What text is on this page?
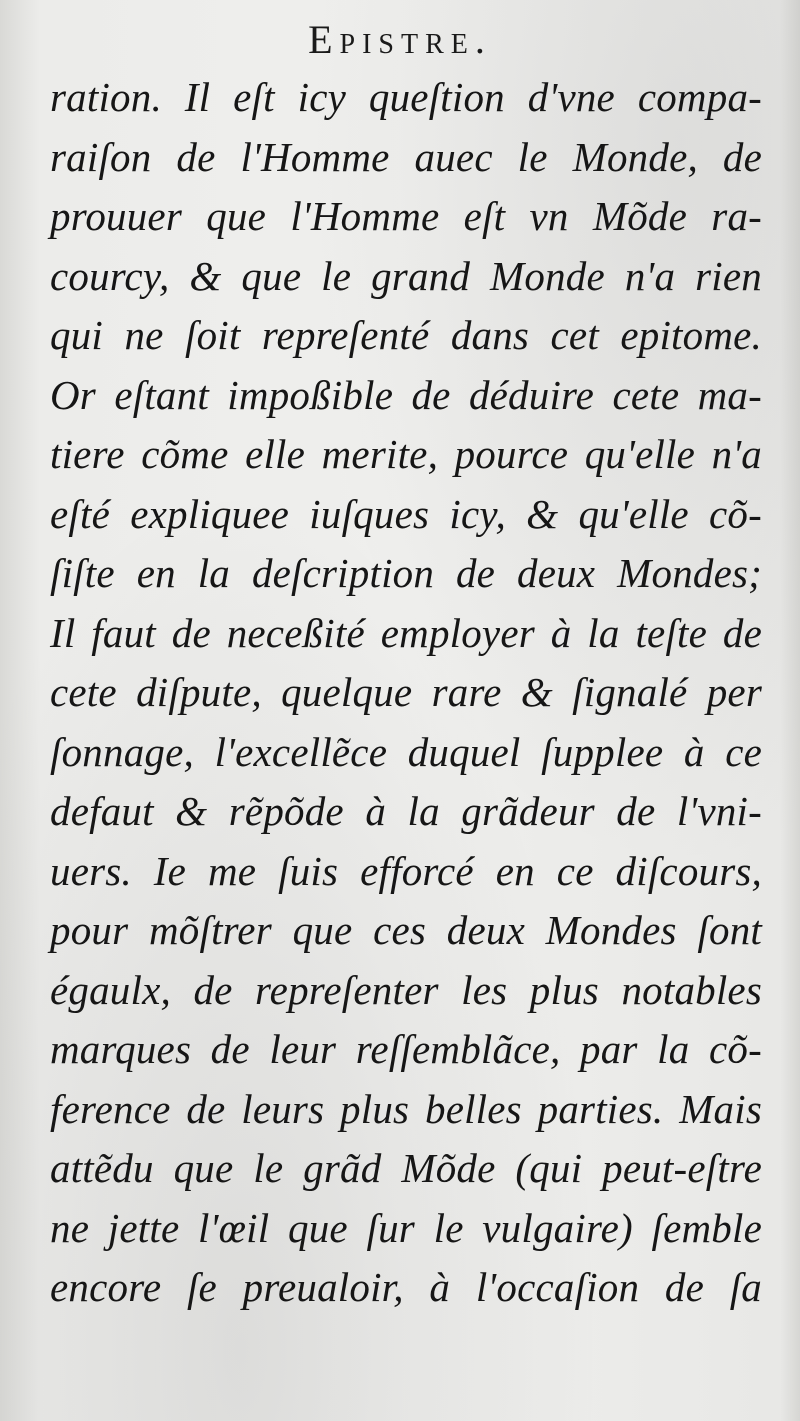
Epistre.
ration. Il eſt icy queſtion d'vne compa-
raiſon de l'Homme auec le Monde, de
prouuer que l'Homme eſt vn Mõde ra-
courcy, & que le grand Monde n'a rien
qui ne ſoit repreſenté dans cet epitome.
Or eſtant impoßible de déduire cete ma-
tiere cõme elle merite, pource qu'elle n'a
eſté expliquee iuſques icy, & qu'elle cõ-
ſiſte en la deſcription de deux Mondes;
Il faut de neceßité employer à la teſte de
cete diſpute, quelque rare & ſignalé per
ſonnage, l'excellẽce duquel ſupplee à ce
defaut & rẽpõde à la grãdeur de l'vni-
uers. Ie me ſuis efforcé en ce diſcours,
pour mõſtrer que ces deux Mondes ſont
égaulx, de repreſenter les plus notables
marques de leur reſſemblãce, par la cõ-
ference de leurs plus belles parties. Mais
attẽdu que le grãd Mõde (qui peut-eſtre
ne jette l'œil que ſur le vulgaire) ſemble
encore ſe preualoir, à l'occaſion de ſa
